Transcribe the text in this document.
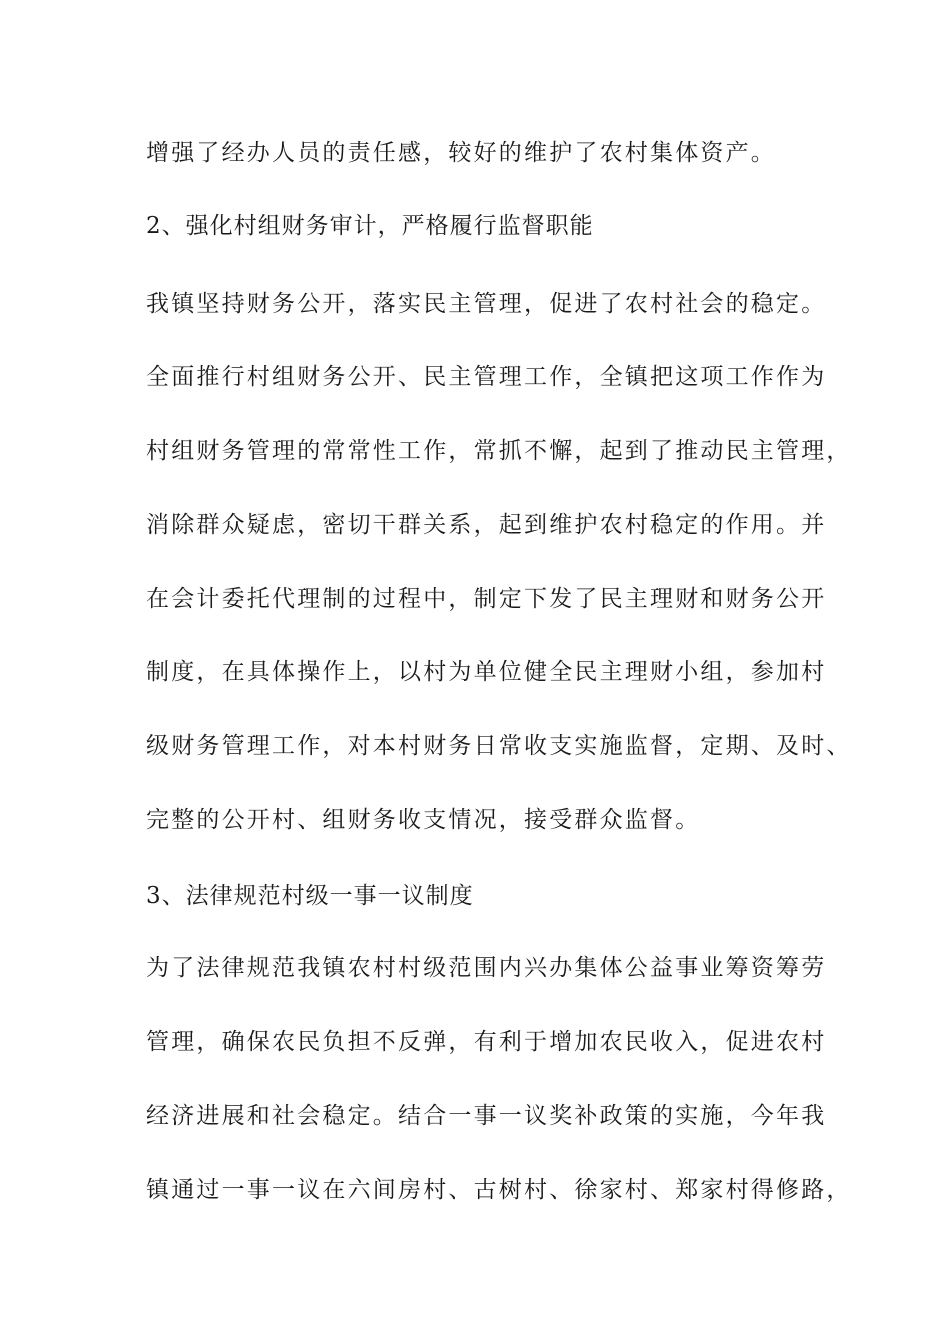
增强了经办人员的责任感，较好的维护了农村集体资产。
2、强化村组财务审计，严格履行监督职能
我镇坚持财务公开，落实民主管理，促进了农村社会的稳定。
全面推行村组财务公开、民主管理工作，全镇把这项工作作为
村组财务管理的常常性工作，常抓不懈，起到了推动民主管理，
消除群众疑虑，密切干群关系，起到维护农村稳定的作用。并
在会计委托代理制的过程中，制定下发了民主理财和财务公开
制度，在具体操作上，以村为单位健全民主理财小组，参加村
级财务管理工作，对本村财务日常收支实施监督，定期、及时、
完整的公开村、组财务收支情况，接受群众监督。
3、法律规范村级一事一议制度
为了法律规范我镇农村村级范围内兴办集体公益事业筹资筹劳
管理，确保农民负担不反弹，有利于增加农民收入，促进农村
经济进展和社会稳定。结合一事一议奖补政策的实施，今年我
镇通过一事一议在六间房村、古树村、徐家村、郑家村得修路，
